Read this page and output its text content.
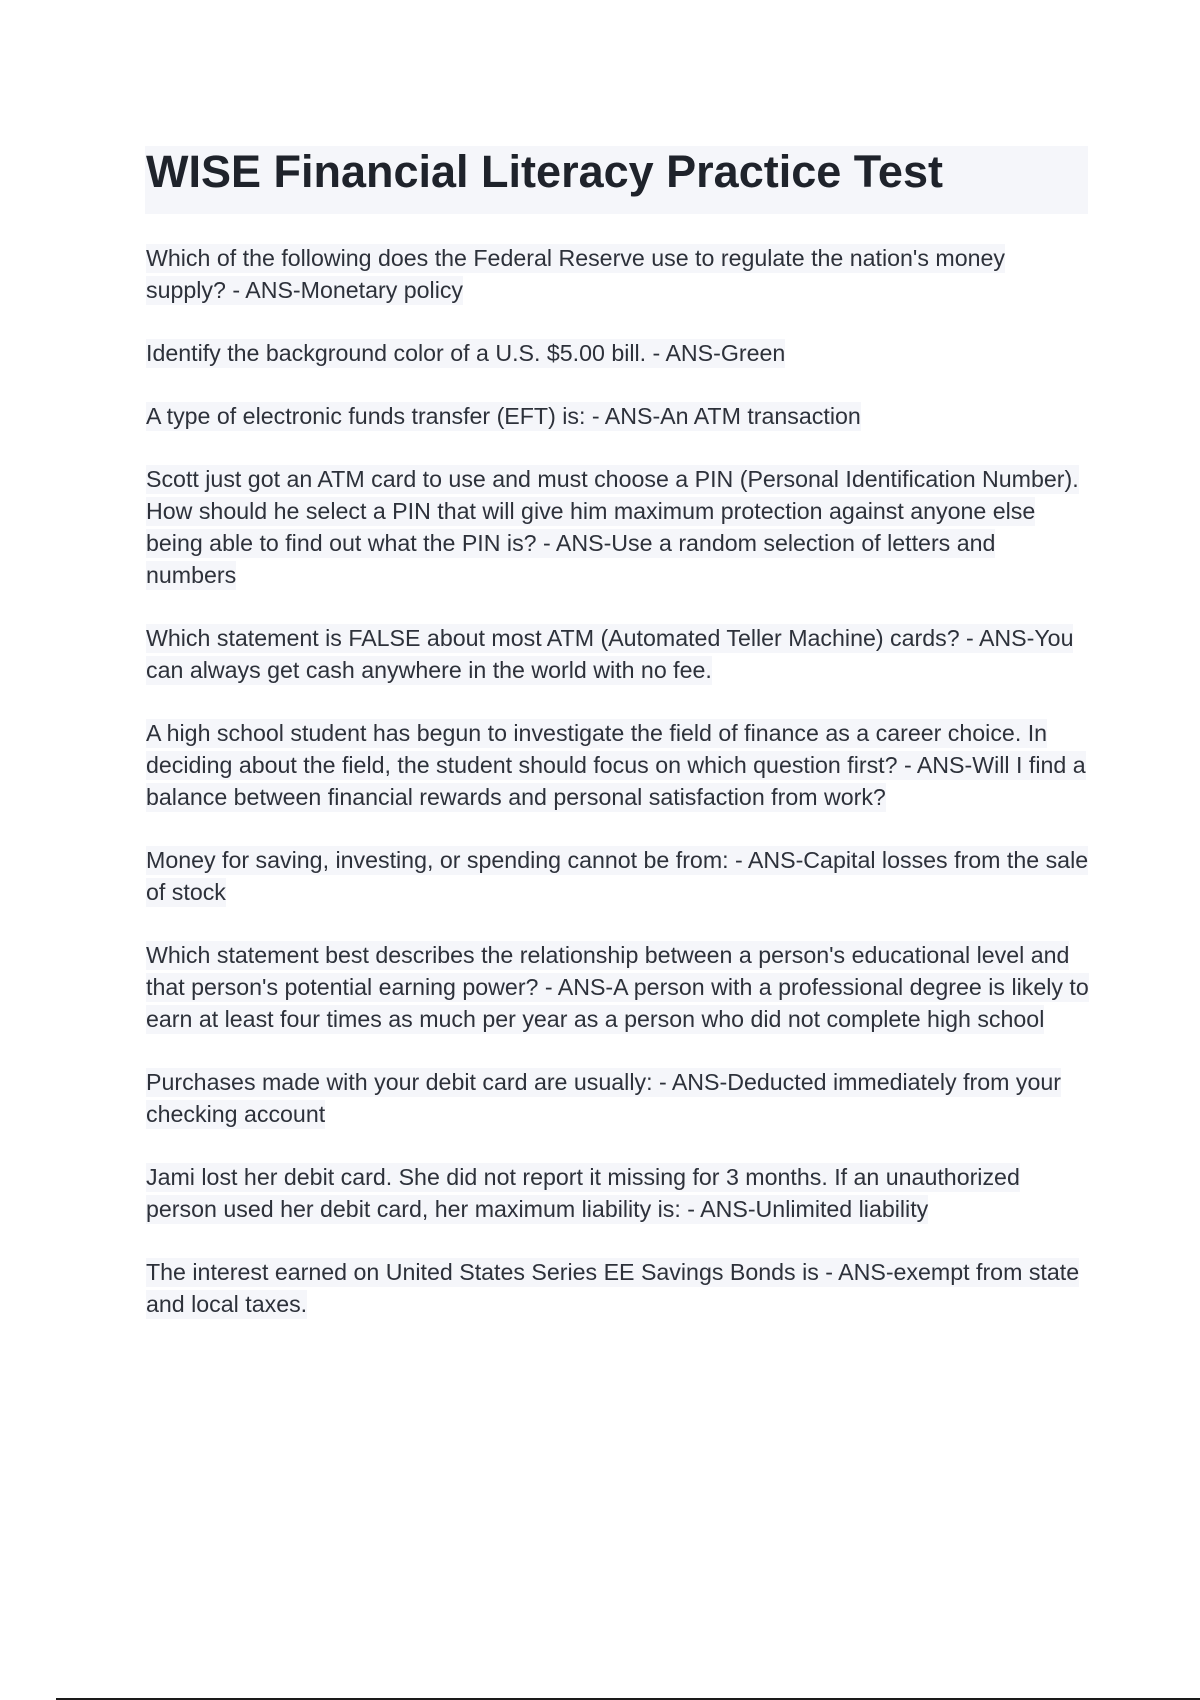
WISE Financial Literacy Practice Test

Which of the following does the Federal Reserve use to regulate the nation's money supply? - ANS-Monetary policy

Identify the background color of a U.S. $5.00 bill. - ANS-Green

A type of electronic funds transfer (EFT) is: - ANS-An ATM transaction

Scott just got an ATM card to use and must choose a PIN (Personal Identification Number). How should he select a PIN that will give him maximum protection against anyone else being able to find out what the PIN is? - ANS-Use a random selection of letters and numbers

Which statement is FALSE about most ATM (Automated Teller Machine) cards? - ANS-You can always get cash anywhere in the world with no fee.

A high school student has begun to investigate the field of finance as a career choice. In deciding about the field, the student should focus on which question first? - ANS-Will I find a balance between financial rewards and personal satisfaction from work?

Money for saving, investing, or spending cannot be from: - ANS-Capital losses from the sale of stock

Which statement best describes the relationship between a person's educational level and that person's potential earning power? - ANS-A person with a professional degree is likely to earn at least four times as much per year as a person who did not complete high school

Purchases made with your debit card are usually: - ANS-Deducted immediately from your checking account

Jami lost her debit card. She did not report it missing for 3 months. If an unauthorized person used her debit card, her maximum liability is: - ANS-Unlimited liability

The interest earned on United States Series EE Savings Bonds is - ANS-exempt from state and local taxes.
